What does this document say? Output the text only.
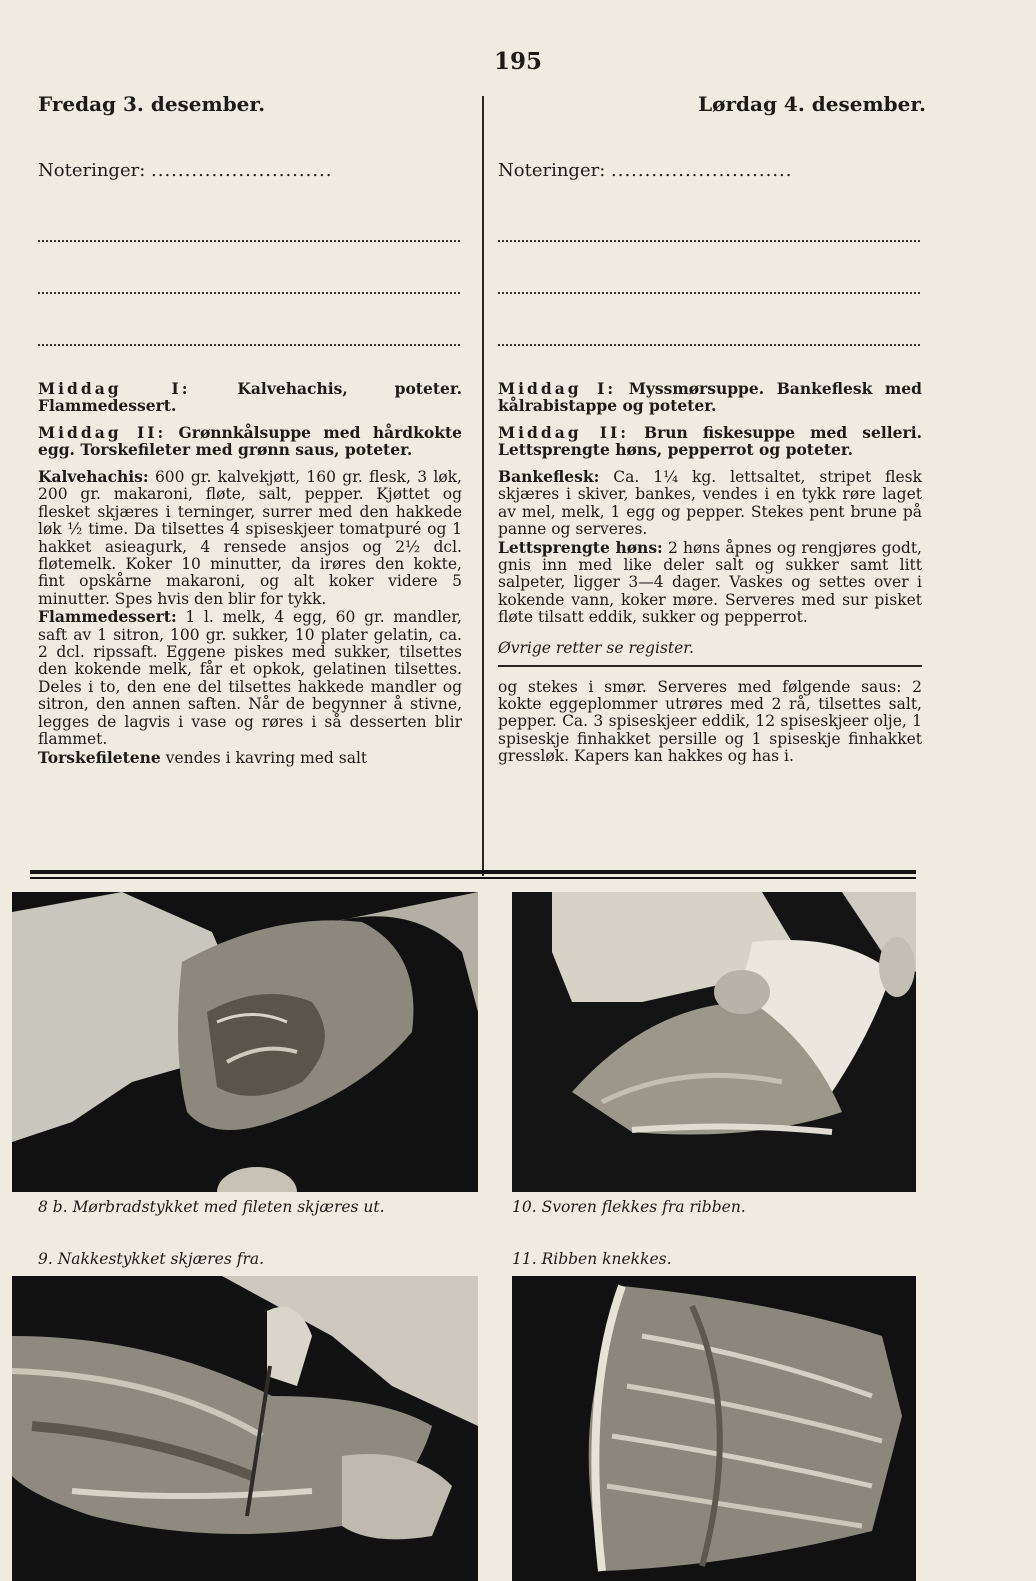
195
Fredag 3. desember.	Lørdag 4. desember.
Noteringer: ...........................

Middag I:	Kalvehachis, poteter. Flammedessert.

Middag II: Grønnkålsuppe med hårdkokte egg. Torskefileter med grønn saus, poteter.

Kalvehachis: 600 gr. kalvekjøtt, 160 gr. flesk, 3 løk, 200 gr. makaroni, fløte, salt, pepper. Kjøttet og flesket skjæres i terninger, surrer med den hakkede løk ½ time. Da tilsettes 4 spiseskjeer tomatpuré og 1 hakket asieagurk, 4 rensede ansjos og 2½ dcl. fløtemelk. Koker 10 minutter, da irøres den kokte, fint opskårne makaroni, og alt koker videre 5 minutter. Spes hvis den blir for tykk.

Flammedessert: 1 l. melk, 4 egg, 60 gr. mandler, saft av 1 sitron, 100 gr. sukker, 10 plater gelatin, ca. 2 dcl. ripssaft. Eggene piskes med sukker, tilsettes den kokende melk, får et opkok, gelatinen tilsettes. Deles i to, den ene del tilsettes hakkede mandler og sitron, den annen saften. Når de begynner å stivne, legges de lagvis i vase og røres i så desserten blir flammet.

Torskefiletene vendes i kavring med salt

Noteringer: ...........................

Middag I: Myssmørsuppe. Bankeflesk med kålrabistappe og poteter.

Middag II: Brun fiskesuppe med selleri. Lettsprengte høns, pepperrot og poteter.

Bankeflesk: Ca. 1¼ kg. lettsaltet, stripet flesk skjæres i skiver, bankes, vendes i en tykk røre laget av mel, melk, 1 egg og pepper. Stekes pent brune på panne og serveres.

Lettsprengte høns: 2 høns åpnes og rengjøres godt, gnis inn med like deler salt og sukker samt litt salpeter, ligger 3—4 dager. Vaskes og settes over i kokende vann, koker møre. Serveres med sur pisket fløte tilsatt eddik, sukker og pepperrot.

Øvrige retter se register.

og stekes i smør. Serveres med følgende saus: 2 kokte eggeplommer utrøres med 2 rå, tilsettes salt, pepper. Ca. 3 spiseskjeer eddik, 12 spiseskjeer olje, 1 spiseskje finhakket persille og 1 spiseskje finhakket gressløk. Kapers kan hakkes og has i.

8 b. Mørbradstykket med fileten skjæres ut.	10. Svoren flekkes fra ribben.
9. Nakkestykket skjæres fra.	11. Ribben knekkes.
